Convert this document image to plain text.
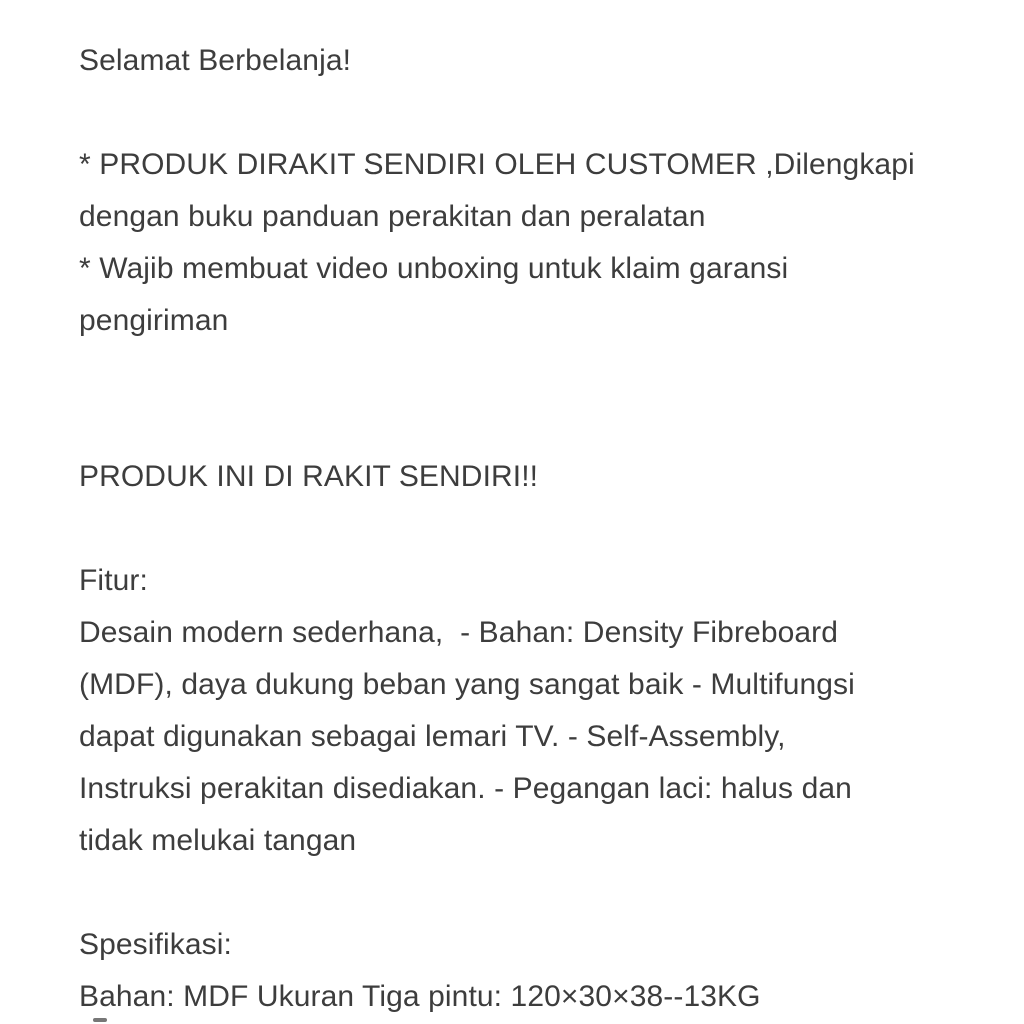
Selamat Berbelanja!
* PRODUK DIRAKIT SENDIRI OLEH CUSTOMER ,Dilengkapi
dengan buku panduan perakitan dan peralatan
* Wajib membuat video unboxing untuk klaim garansi
pengiriman
PRODUK INI DI RAKIT SENDIRI!!
Fitur:
Desain modern sederhana,  - Bahan: Density Fibreboard
(MDF), daya dukung beban yang sangat baik - Multifungsi
dapat digunakan sebagai lemari TV. - Self-Assembly,
Instruksi perakitan disediakan. - Pegangan laci: halus dan
tidak melukai tangan
Spesifikasi:
Bahan: MDF Ukuran Tiga pintu: 120×30×38--13KG
